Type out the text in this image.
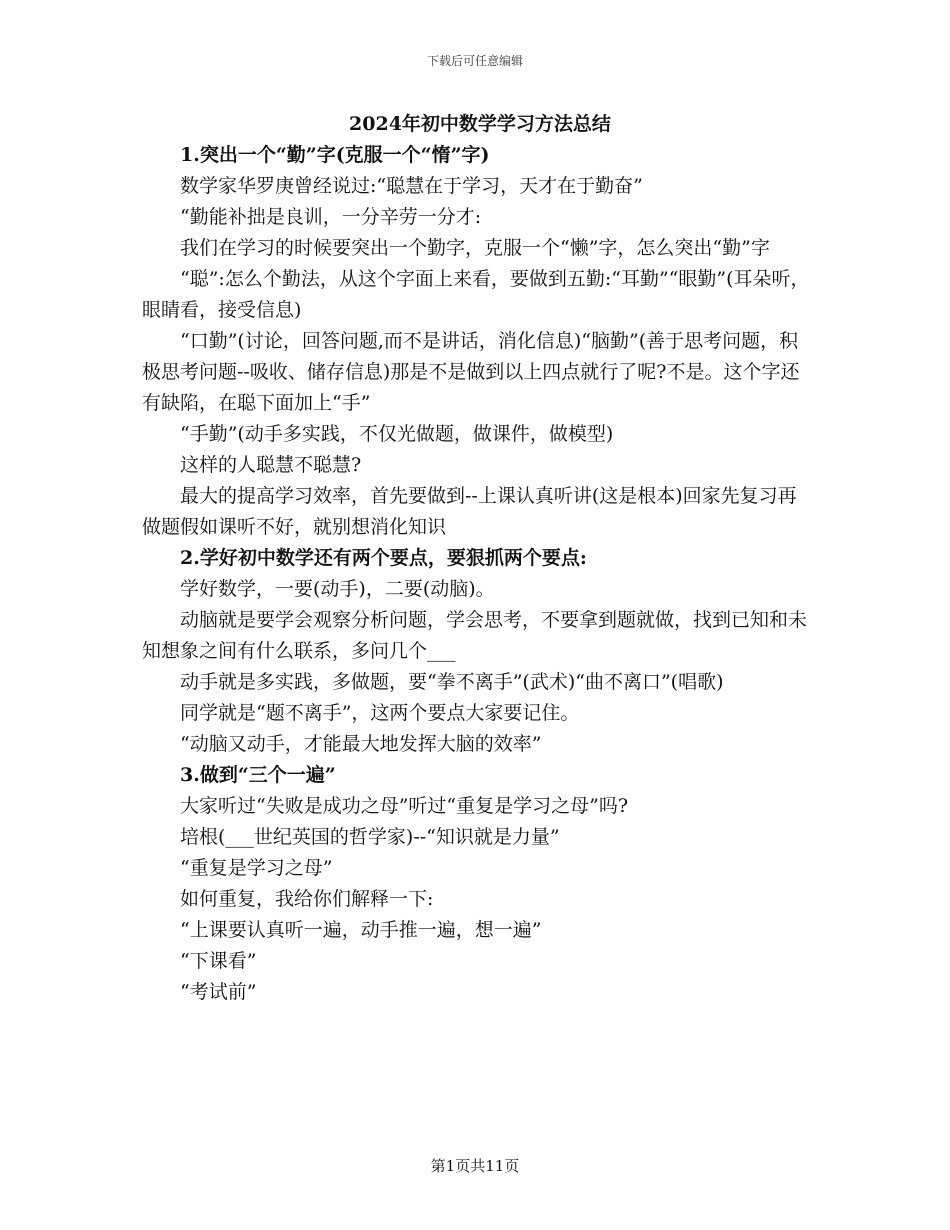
下载后可任意编辑
2024年初中数学学习方法总结
1.突出一个“勤”字(克服一个“惰”字)
数学家华罗庚曾经说过:“聪慧在于学习，天才在于勤奋”
“勤能补拙是良训，一分辛劳一分才:
我们在学习的时候要突出一个勤字，克服一个“懒”字，怎么突出“勤”字
“聪”:怎么个勤法，从这个字面上来看，要做到五勤:“耳勤”“眼勤”(耳朵听，眼睛看，接受信息)
“口勤”(讨论，回答问题,而不是讲话，消化信息)“脑勤”(善于思考问题，积极思考问题--吸收、储存信息)那是不是做到以上四点就行了呢?不是。这个字还有缺陷，在聪下面加上“手”
“手勤”(动手多实践，不仅光做题，做课件，做模型)
这样的人聪慧不聪慧?
最大的提高学习效率，首先要做到--上课认真听讲(这是根本)回家先复习再做题假如课听不好，就别想消化知识
2.学好初中数学还有两个要点，要狠抓两个要点:
学好数学，一要(动手)，二要(动脑)。
动脑就是要学会观察分析问题，学会思考，不要拿到题就做，找到已知和未知想象之间有什么联系，多问几个___
动手就是多实践，多做题，要“拳不离手”(武术)“曲不离口”(唱歌)
同学就是“题不离手”，这两个要点大家要记住。
“动脑又动手，才能最大地发挥大脑的效率”
3.做到“三个一遍”
大家听过“失败是成功之母”听过“重复是学习之母”吗?
培根(___世纪英国的哲学家)--“知识就是力量”
“重复是学习之母”
如何重复，我给你们解释一下:
“上课要认真听一遍，动手推一遍，想一遍”
“下课看”
“考试前”
第1页共11页
